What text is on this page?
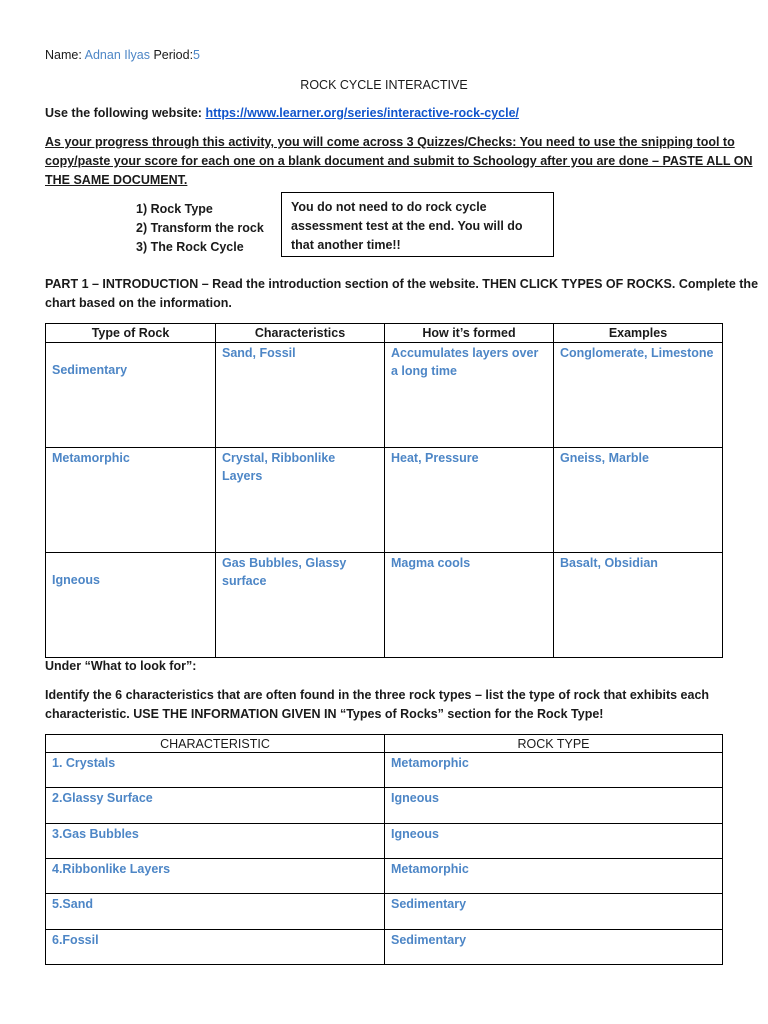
Name: Adnan Ilyas Period:5
ROCK CYCLE INTERACTIVE
Use the following website: https://www.learner.org/series/interactive-rock-cycle/
As your progress through this activity, you will come across 3 Quizzes/Checks: You need to use the snipping tool to
copy/paste your score for each one on a blank document and submit to Schoology after you are done – PASTE ALL ON
THE SAME DOCUMENT.
1) Rock Type
2) Transform the rock
3) The Rock Cycle
You do not need to do rock cycle
assessment test at the end. You will do
that another time!!
PART 1 – INTRODUCTION – Read the introduction section of the website. THEN CLICK TYPES OF ROCKS. Complete the
chart based on the information.
Type of Rock	Characteristics	How it’s formed	Examples

Sedimentary	Sand, Fossil	Accumulates layers over a long time	Conglomerate, Limestone
Metamorphic	Crystal, Ribbonlike Layers	Heat, Pressure	Gneiss, Marble

Igneous	Gas Bubbles, Glassy surface	Magma cools	Basalt, Obsidian
Under “What to look for”:
Identify the 6 characteristics that are often found in the three rock types – list the type of rock that exhibits each
characteristic. USE THE INFORMATION GIVEN IN “Types of Rocks” section for the Rock Type!
CHARACTERISTIC	ROCK TYPE
1. Crystals	Metamorphic
2.Glassy Surface	Igneous
3.Gas Bubbles	Igneous
4.Ribbonlike Layers	Metamorphic
5.Sand	Sedimentary
6.Fossil	Sedimentary
